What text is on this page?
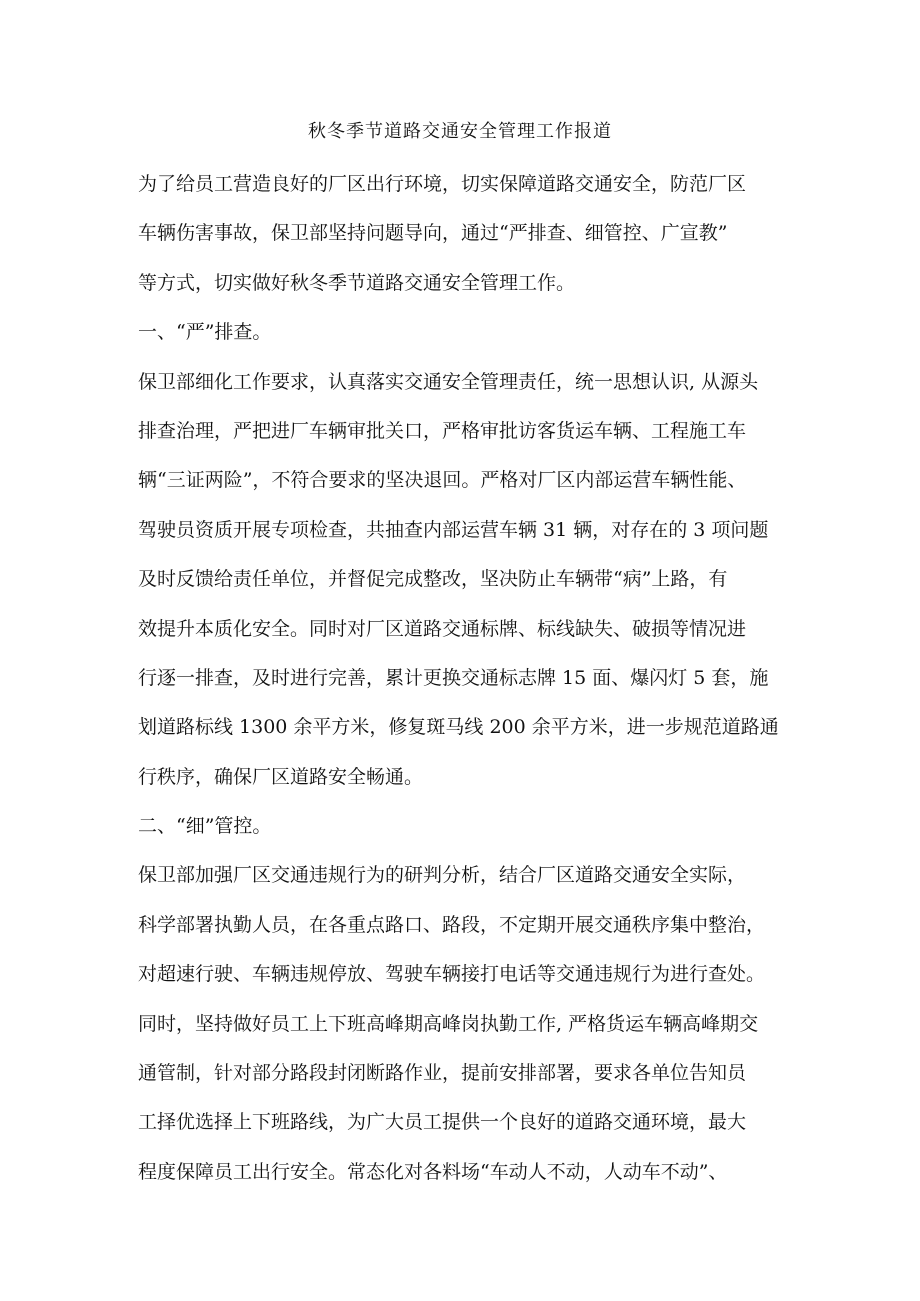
秋冬季节道路交通安全管理工作报道
为了给员工营造良好的厂区出行环境，切实保障道路交通安全，防范厂区
车辆伤害事故，保卫部坚持问题导向，通过“严排查、细管控、广宣教”
等方式，切实做好秋冬季节道路交通安全管理工作。
一、“严”排查。
保卫部细化工作要求，认真落实交通安全管理责任，统一思想认识, 从源头
排查治理，严把进厂车辆审批关口，严格审批访客货运车辆、工程施工车
辆“三证两险”，不符合要求的坚决退回。严格对厂区内部运营车辆性能、
驾驶员资质开展专项检查，共抽查内部运营车辆 31 辆，对存在的 3 项问题
及时反馈给责任单位，并督促完成整改，坚决防止车辆带“病”上路，有
效提升本质化安全。同时对厂区道路交通标牌、标线缺失、破损等情况进
行逐一排查，及时进行完善，累计更换交通标志牌 15 面、爆闪灯 5 套，施
划道路标线 1300 余平方米，修复斑马线 200 余平方米，进一步规范道路通
行秩序，确保厂区道路安全畅通。
二、“细”管控。
保卫部加强厂区交通违规行为的研判分析，结合厂区道路交通安全实际，
科学部署执勤人员，在各重点路口、路段，不定期开展交通秩序集中整治，
对超速行驶、车辆违规停放、驾驶车辆接打电话等交通违规行为进行查处。
同时，坚持做好员工上下班高峰期高峰岗执勤工作, 严格货运车辆高峰期交
通管制，针对部分路段封闭断路作业，提前安排部署，要求各单位告知员
工择优选择上下班路线，为广大员工提供一个良好的道路交通环境，最大
程度保障员工出行安全。常态化对各料场“车动人不动，人动车不动”、
